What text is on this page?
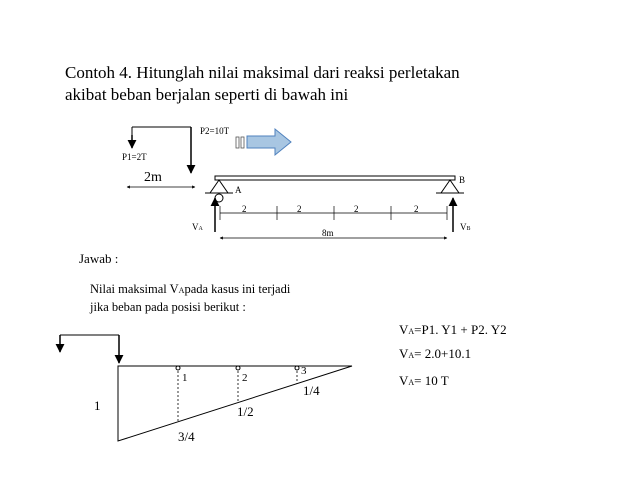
Contoh 4. Hitunglah nilai maksimal dari reaksi perletakan
akibat beban berjalan seperti di bawah ini
P1=2T
P2=10T
2m
A
B
VA	VB
2	2	2	2
8m
1	2
3
1
3/4
1/2
1/4
Jawab :
Nilai maksimal VApada kasus ini terjadi
jika beban pada posisi berikut :
VA=P1. Y1 + P2. Y2
VA= 2.0+10.1
VA= 10 T
